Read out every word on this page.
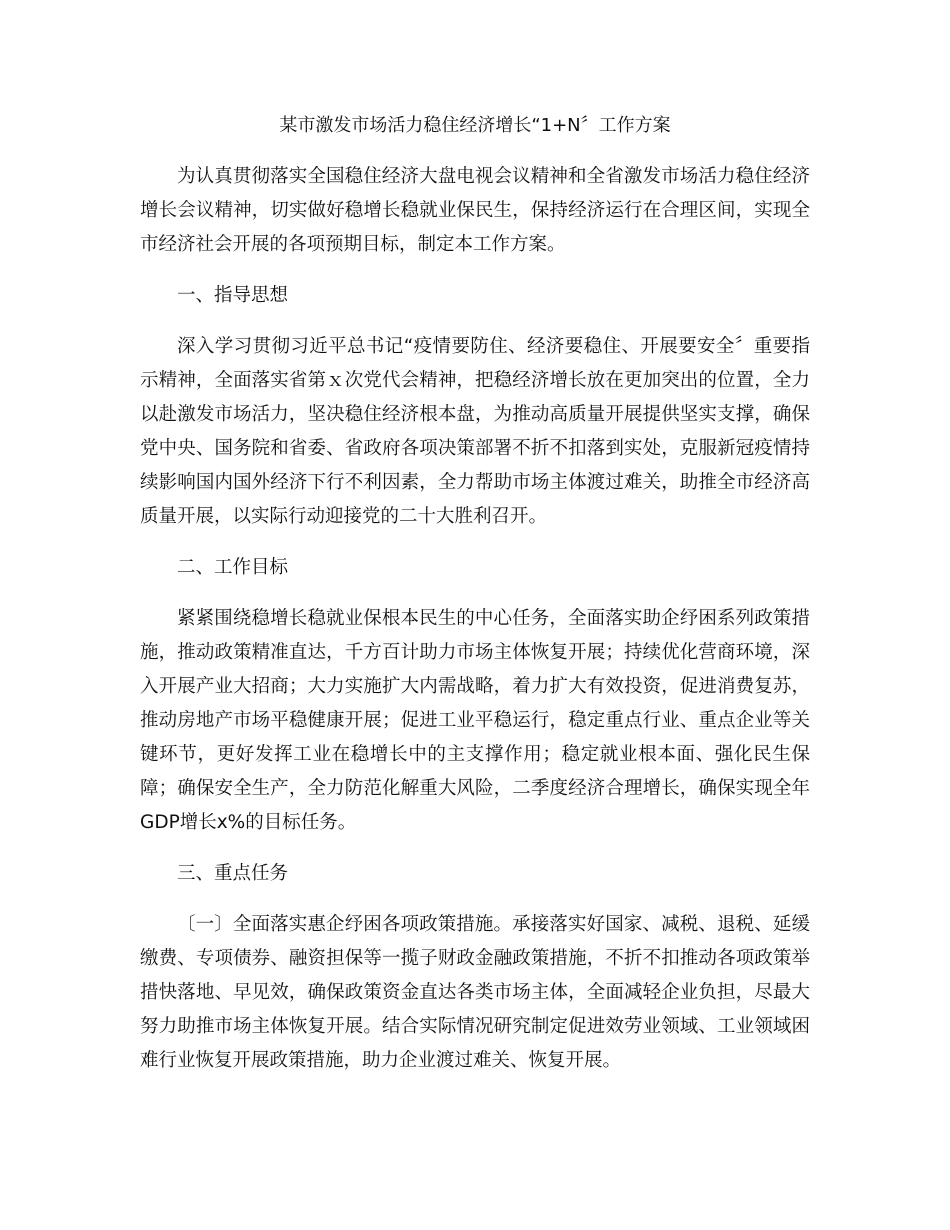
某市激发市场活力稳住经济增长“1+N〞工作方案

为认真贯彻落实全国稳住经济大盘电视会议精神和全省激发市场活力稳住经济增长会议精神，切实做好稳增长稳就业保民生，保持经济运行在合理区间，实现全市经济社会开展的各项预期目标，制定本工作方案。

一、指导思想

深入学习贯彻习近平总书记“疫情要防住、经济要稳住、开展要安全〞重要指示精神，全面落实省第ｘ次党代会精神，把稳经济增长放在更加突出的位置，全力以赴激发市场活力，坚决稳住经济根本盘，为推动高质量开展提供坚实支撑，确保党中央、国务院和省委、省政府各项决策部署不折不扣落到实处，克服新冠疫情持续影响国内国外经济下行不利因素，全力帮助市场主体渡过难关，助推全市经济高质量开展，以实际行动迎接党的二十大胜利召开。

二、工作目标

紧紧围绕稳增长稳就业保根本民生的中心任务，全面落实助企纾困系列政策措施，推动政策精准直达，千方百计助力市场主体恢复开展；持续优化营商环境，深入开展产业大招商；大力实施扩大内需战略，着力扩大有效投资，促进消费复苏，推动房地产市场平稳健康开展；促进工业平稳运行，稳定重点行业、重点企业等关键环节，更好发挥工业在稳增长中的主支撑作用；稳定就业根本面、强化民生保障；确保安全生产，全力防范化解重大风险，二季度经济合理增长，确保实现全年GDP增长x%的目标任务。

三、重点任务

〔一〕全面落实惠企纾困各项政策措施。承接落实好国家、减税、退税、延缓缴费、专项债券、融资担保等一揽子财政金融政策措施，不折不扣推动各项政策举措快落地、早见效，确保政策资金直达各类市场主体，全面减轻企业负担，尽最大努力助推市场主体恢复开展。结合实际情况研究制定促进效劳业领域、工业领域困难行业恢复开展政策措施，助力企业渡过难关、恢复开展。
